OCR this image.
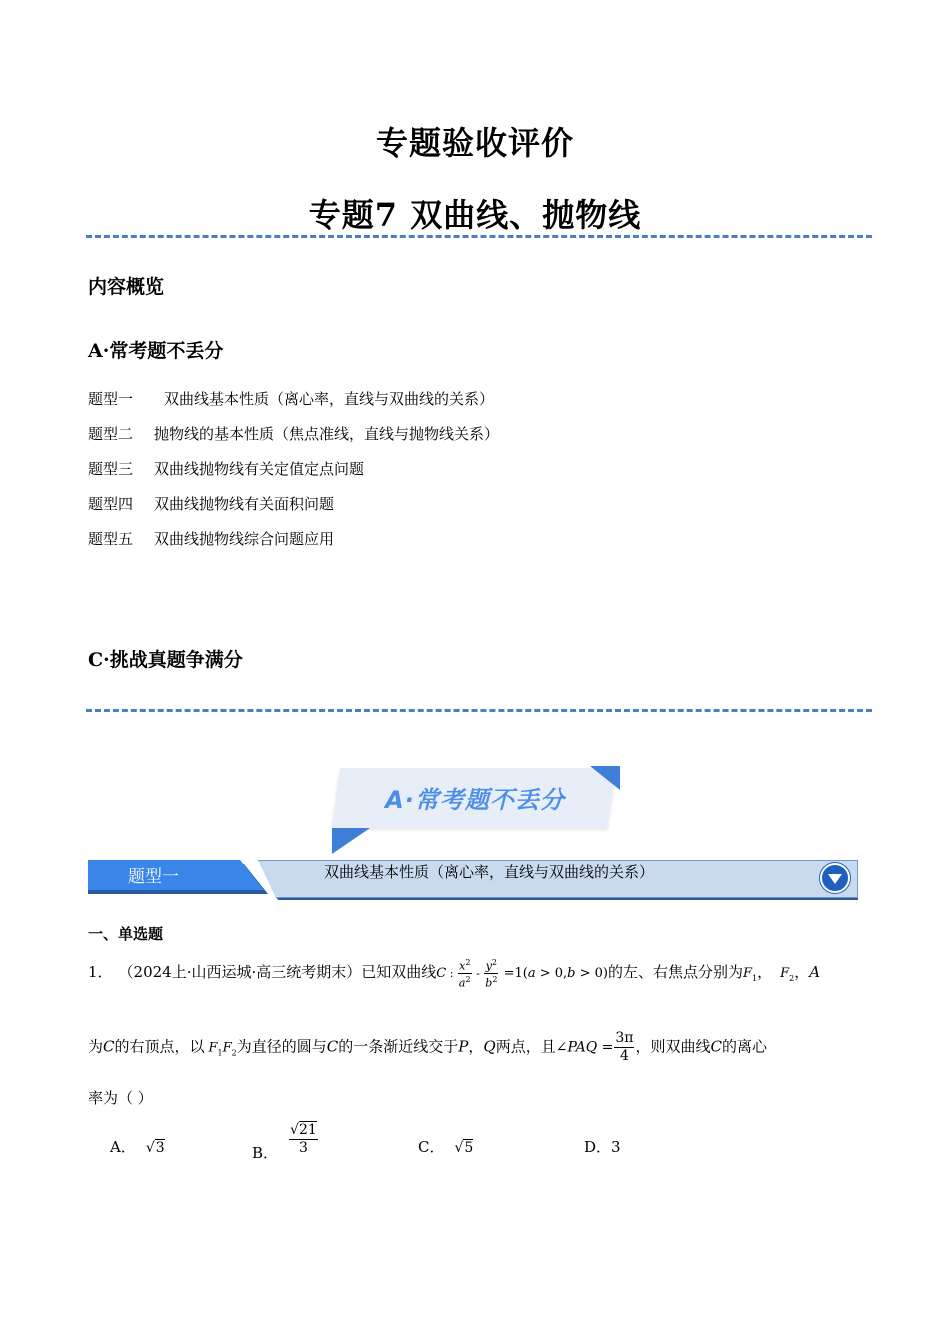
专题验收评价
专题7 双曲线、抛物线
内容概览
A·常考题不丢分
题型一 双曲线基本性质（离心率，直线与双曲线的关系）
题型二 抛物线的基本性质（焦点准线，直线与抛物线关系）
题型三 双曲线抛物线有关定值定点问题
题型四 双曲线抛物线有关面积问题
题型五 双曲线抛物线综合问题应用
C·挑战真题争满分
A·常考题不丢分
题型一	双曲线基本性质（离心率，直线与双曲线的关系）
一、单选题
1． （2024上·山西运城·高三统考期末）已知双曲线C : $\frac{x^2}{a^2} - \frac{y^2}{b^2} =1(a > 0,b > 0)$的左、右焦点分别为$F_1$， $F_2$，A
为C的右顶点，以 $F_1F_2$为直径的圆与C的一条渐近线交于P，Q两点，且∠PAQ = $\frac{3\pi}{4}$ ，则双曲线C的离心
率为（ ）
A． √3	B． $\frac{√21}{3}$	C． √5	D．3
